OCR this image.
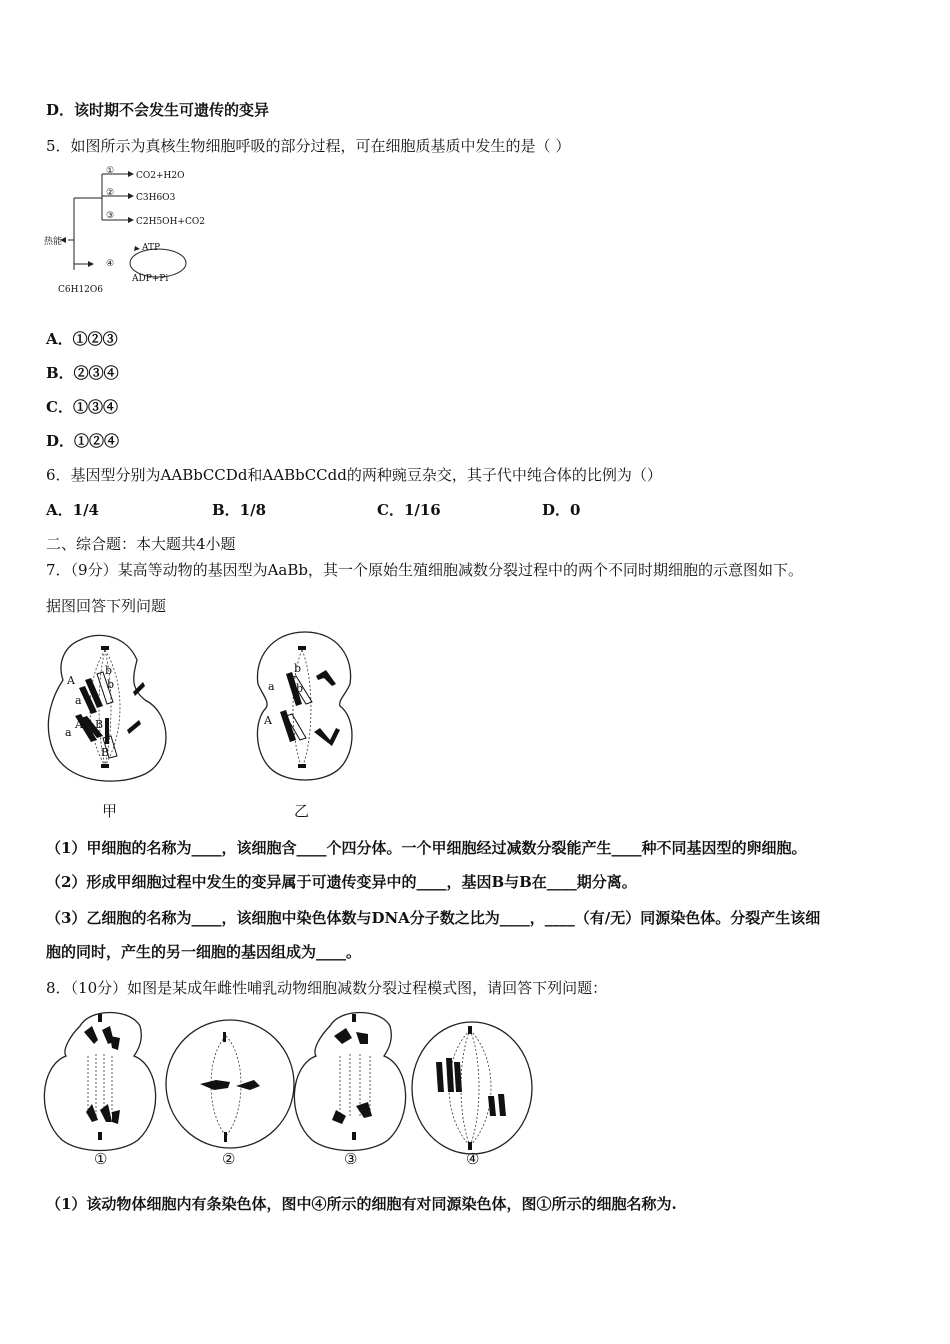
D．该时期不会发生可遗传的变异
5．如图所示为真核生物细胞呼吸的部分过程，可在细胞质基质中发生的是（ ）
① CO2+H2O
② C3H6O3
③
C2H5OH+CO2
热能
④
ATP
ADP+Pi
C6H12O6
A．①②③
B．②③④
C．①③④
D．①②④
6．基因型分别为AABbCCDd和AABbCCdd的两种豌豆杂交，其子代中纯合体的比例为（）
A．1/4	B．1/8	C．1/16	D．0
二、综合题：本大题共4小题
7．（9分）某高等动物的基因型为AaBb，其一个原始生殖细胞减数分裂过程中的两个不同时期细胞的示意图如下。
据图回答下列问题
A
a
A
a
B
B
b
b
甲
a
A
b
b
乙
（1）甲细胞的名称为____，该细胞含____个四分体。一个甲细胞经过减数分裂能产生____种不同基因型的卵细胞。
（2）形成甲细胞过程中发生的变异属于可遗传变异中的____，基因B与B在____期分离。
（3）乙细胞的名称为____，该细胞中染色体数与DNA分子数之比为____，____（有/无）同源染色体。分裂产生该细
胞的同时，产生的另一细胞的基因组成为____。
8．（10分）如图是某成年雌性哺乳动物细胞减数分裂过程模式图，请回答下列问题：
①	②	③	④
（1）该动物体细胞内有条染色体，图中④所示的细胞有对同源染色体，图①所示的细胞名称为.
